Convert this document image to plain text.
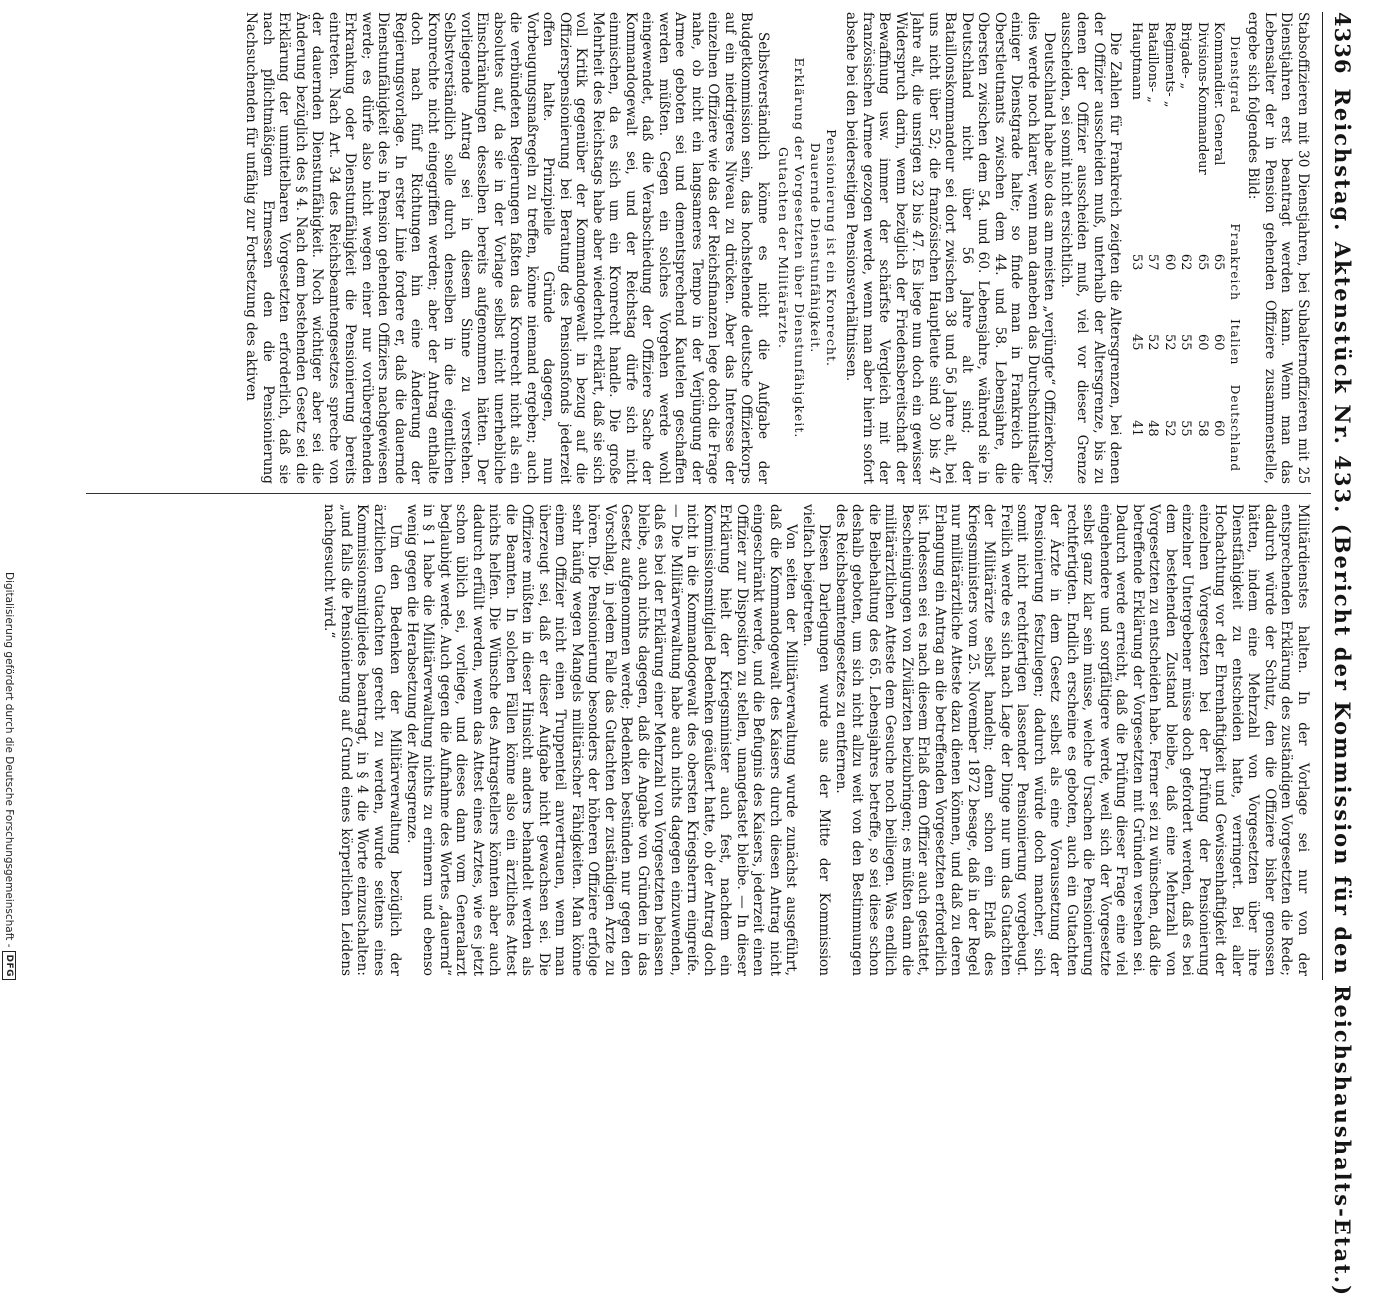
4336
Reichstag. Aktenstück Nr. 433. (Bericht der Kommission für den Reichshaushalts-Etat.)

Stabsoffizieren mit 30 Dienstjahren, bei Subalternoffizieren mit 25 Dienstjahren erst beantragt werden kann. Wenn man das Lebensalter der in Pension gehenden Offiziere zusammenstelle, ergebe sich folgendes Bild:

Dienstgrad	Frankreich	Italien	Deutschland
Kommandier. General	65	60	60
Divisions-Kommandeur	65	60	58
Brigade- „	62	55	55
Regiments- „	60	52	52
Bataillons- „	57	52	48
Hauptmann	53	45	41

Die Zahlen für Frankreich zeigten die Altersgrenzen, bei denen der Offizier ausscheiden muß, unterhalb der Altersgrenze, bis zu denen der Offizier ausscheiden muß, viel vor dieser Grenze ausscheiden, sei somit nicht ersichtlich.

Deutschland habe also das am meisten „verjüngte“ Offizierkorps; dies werde noch klarer, wenn man daneben das Durchschnittsalter einiger Dienstgrade halte; so finde man in Frankreich die Oberstleutnants zwischen dem 44. und 58. Lebensjahre, die Obersten zwischen dem 54. und 60. Lebensjahre, während sie in Deutschland nicht über 56 Jahre alt sind; der Bataillonskommandeur sei dort zwischen 38 und 56 Jahre alt, bei uns nicht über 52; die französischen Hauptleute sind 30 bis 47 Jahre alt, die unsrigen 32 bis 47. Es liege nun doch ein gewisser Widerspruch darin, wenn bezüglich der Friedensbereitschaft der Bewaffnung usw. immer der schärfste Vergleich mit der französischen Armee gezogen werde, wenn man aber hierin sofort absehe bei den beiderseitigen Pensionsverhältnissen.

Pensionierung ist ein Kronrecht.
Dauernde Dienstunfähigkeit.
Erklärung der Vorgesetzten über Dienstunfähigkeit.
Gutachten der Militärärzte.

Selbstverständlich könne es nicht die Aufgabe der Budgetkommission sein, das hochstehende deutsche Offizierkorps auf ein niedrigeres Niveau zu drücken. Aber das Interesse der einzelnen Offiziere wie das der Reichsfinanzen lege doch die Frage nahe, ob nicht ein langsameres Tempo in der Verjüngung der Armee geboten sei und dementsprechend Kautelen geschaffen werden müßten. Gegen ein solches Vorgehen werde wohl eingewendet, daß die Verabschiedung der Offiziere Sache der Kommandogewalt sei, und der Reichstag dürfe sich nicht einmischen, da es sich um ein Kronrecht handle. Die große Mehrheit des Reichstags habe aber wiederholt erklärt, daß sie sich voll Kritik gegenüber der Kommandogewalt in bezug auf die Offizierspensionierung bei Beratung des Pensionsfonds jederzeit offen halte. Prinzipielle Gründe dagegen, nun Vorbeugungsmaßregeln zu treffen, könne niemand ergeben; auch die verbündeten Regierungen faßten das Kronrecht nicht als ein absolutes auf, da sie in der Vorlage selbst nicht unerhebliche Einschränkungen desselben bereits aufgenommen hätten. Der vorliegende Antrag sei in diesem Sinne zu verstehen. Selbstverständlich solle durch denselben in die eigentlichen Kronrechte nicht eingegriffen werden; aber der Antrag enthalte doch nach fünf Richtungen hin eine Änderung der Regierungsvorlage. In erster Linie fordere er, daß die dauernde Dienstunfähigkeit des in Pension gehenden Offiziers nachgewiesen werde; es dürfe also nicht wegen einer nur vorübergehenden Erkrankung oder Dienstunfähigkeit die Pensionierung bereits eintreten. Nach Art. 34 des Reichsbeamtengesetzes spreche von der dauernden Dienstunfähigkeit. Noch wichtiger aber sei die Änderung bezüglich des § 4. Nach dem bestehenden Gesetz sei die Erklärung der unmittelbaren Vorgesetzten erforderlich, daß sie nach pflichtmäßigem Ermessen den die Pensionierung Nachsuchenden für unfähig zur Fortsetzung des aktiven

Militärdienstes halten. In der Vorlage sei nur von der entsprechenden Erklärung des zuständigen Vorgesetzten die Rede; dadurch würde der Schutz, den die Offiziere bisher genossen hätten, indem eine Mehrzahl von Vorgesetzten über ihre Dienstfähigkeit zu entscheiden hatte, verringert. Bei aller Hochachtung vor der Ehrenhaftigkeit und Gewissenhaftigkeit der einzelnen Vorgesetzten bei der Prüfung der Pensionierung einzelner Untergebener müsse doch gefordert werden, daß es bei dem bestehenden Zustand bleibe, daß eine Mehrzahl von Vorgesetzten zu entscheiden habe. Ferner sei zu wünschen, daß die betreffende Erklärung der Vorgesetzten mit Gründen versehen sei. Dadurch werde erreicht, daß die Prüfung dieser Frage eine viel eingehendere und sorgfältigere werde, weil sich der Vorgesetzte selbst ganz klar sein müsse, welche Ursachen die Pensionierung rechtfertigten. Endlich erscheine es geboten, auch ein Gutachten der Ärzte in dem Gesetz selbst als eine Voraussetzung der Pensionierung festzulegen; dadurch würde doch mancher, sich somit nicht rechtfertigen lassender Pensionierung vorgebeugt. Freilich werde es sich nach Lage der Dinge nur um das Gutachten der Militärärzte selbst handeln; denn schon ein Erlaß des Kriegsministers vom 25. November 1872 besage, daß in der Regel nur militärärztliche Atteste dazu dienen können, und daß zu deren Erlangung ein Antrag an die betreffenden Vorgesetzten erforderlich ist. Indessen sei es nach diesem Erlaß dem Offizier auch gestattet, Bescheinigungen von Zivilärzten beizubringen; es müßten dann die militärärztlichen Atteste dem Gesuche noch beiliegen. Was endlich die Beibehaltung des 65. Lebensjahres betreffe, so sei diese schon deshalb geboten, um sich nicht allzu weit von den Bestimmungen des Reichsbeamtengesetzes zu entfernen.

Diesen Darlegungen wurde aus der Mitte der Kommission vielfach beigetreten.

Von seiten der Militärverwaltung wurde zunächst ausgeführt, daß die Kommandogewalt des Kaisers durch diesen Antrag nicht eingeschränkt werde, und die Befugnis des Kaisers, jederzeit einen Offizier zur Disposition zu stellen, unangetastet bleibe. — In dieser Erklärung hielt der Kriegsminister auch fest, nachdem ein Kommissionsmitglied Bedenken geäußert hatte, ob der Antrag doch nicht in die Kommandogewalt des obersten Kriegsherrn eingreife. — Die Militärverwaltung habe auch nichts dagegen einzuwenden, daß es bei der Erklärung einer Mehrzahl von Vorgesetzten belassen bleibe, auch nichts dagegen, daß die Angabe von Gründen in das Gesetz aufgenommen werde; Bedenken bestünden nur gegen den Vorschlag, in jedem Falle das Gutachten der zuständigen Ärzte zu hören. Die Pensionierung besonders der höheren Offiziere erfolge sehr häufig wegen Mangels militärischer Fähigkeiten. Man könne einem Offizier nicht einen Truppenteil anvertrauen, wenn man überzeugt sei, daß er dieser Aufgabe nicht gewachsen sei. Die Offiziere müßten in dieser Hinsicht anders behandelt werden als die Beamten. In solchen Fällen könne also ein ärztliches Attest nichts helfen. Die Wünsche des Antragstellers könnten aber auch dadurch erfüllt werden, wenn das Attest eines Arztes, wie es jetzt schon üblich sei, vorliege, und dieses dann vom Generalarzt beglaubigt werde. Auch gegen die Aufnahme des Wortes „dauernd“ in § 1 habe die Militärverwaltung nichts zu erinnern und ebenso wenig gegen die Herabsetzung der Altersgrenze.

Um den Bedenken der Militärverwaltung bezüglich der ärztlichen Gutachten gerecht zu werden, wurde seitens eines Kommissionsmitgliedes beantragt, in § 4 die Worte einzuschalten: „und falls die Pensionierung auf Grund eines körperlichen Leidens nachgesucht wird.“

Digitalisierung gefördert durch die Deutsche Forschungsgemeinschaft -
DFG
